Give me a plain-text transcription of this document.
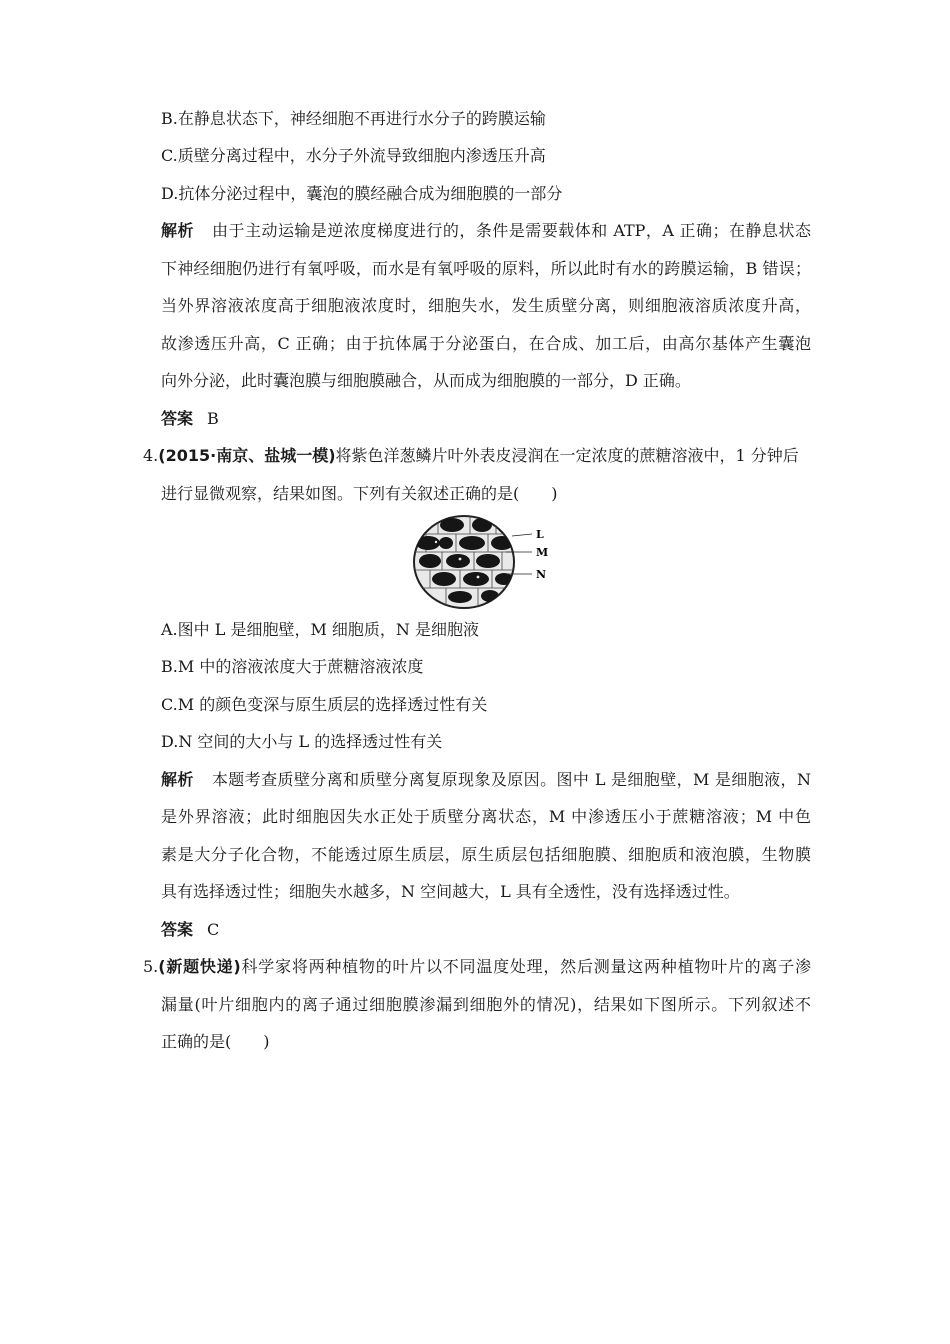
B.在静息状态下，神经细胞不再进行水分子的跨膜运输
C.质壁分离过程中，水分子外流导致细胞内渗透压升高
D.抗体分泌过程中，囊泡的膜经融合成为细胞膜的一部分
解析 由于主动运输是逆浓度梯度进行的，条件是需要载体和 ATP，A 正确；在静息状态
下神经细胞仍进行有氧呼吸，而水是有氧呼吸的原料，所以此时有水的跨膜运输，B 错误；
当外界溶液浓度高于细胞液浓度时，细胞失水，发生质壁分离，则细胞液溶质浓度升高，
故渗透压升高，C 正确；由于抗体属于分泌蛋白，在合成、加工后，由高尔基体产生囊泡
向外分泌，此时囊泡膜与细胞膜融合，从而成为细胞膜的一部分，D 正确。
答案 B
4.(2015·南京、盐城一模)将紫色洋葱鳞片叶外表皮浸润在一定浓度的蔗糖溶液中，1 分钟后
进行显微观察，结果如图。下列有关叙述正确的是(　　)
L
M
N
A.图中 L 是细胞壁，M 细胞质，N 是细胞液
B.M 中的溶液浓度大于蔗糖溶液浓度
C.M 的颜色变深与原生质层的选择透过性有关
D.N 空间的大小与 L 的选择透过性有关
解析 本题考查质壁分离和质壁分离复原现象及原因。图中 L 是细胞壁，M 是细胞液，N
是外界溶液；此时细胞因失水正处于质壁分离状态，M 中渗透压小于蔗糖溶液；M 中色
素是大分子化合物，不能透过原生质层，原生质层包括细胞膜、细胞质和液泡膜，生物膜
具有选择透过性；细胞失水越多，N 空间越大，L 具有全透性，没有选择透过性。
答案 C
5.(新题快递)科学家将两种植物的叶片以不同温度处理，然后测量这两种植物叶片的离子渗
漏量(叶片细胞内的离子通过细胞膜渗漏到细胞外的情况)，结果如下图所示。下列叙述不
正确的是(　　)
